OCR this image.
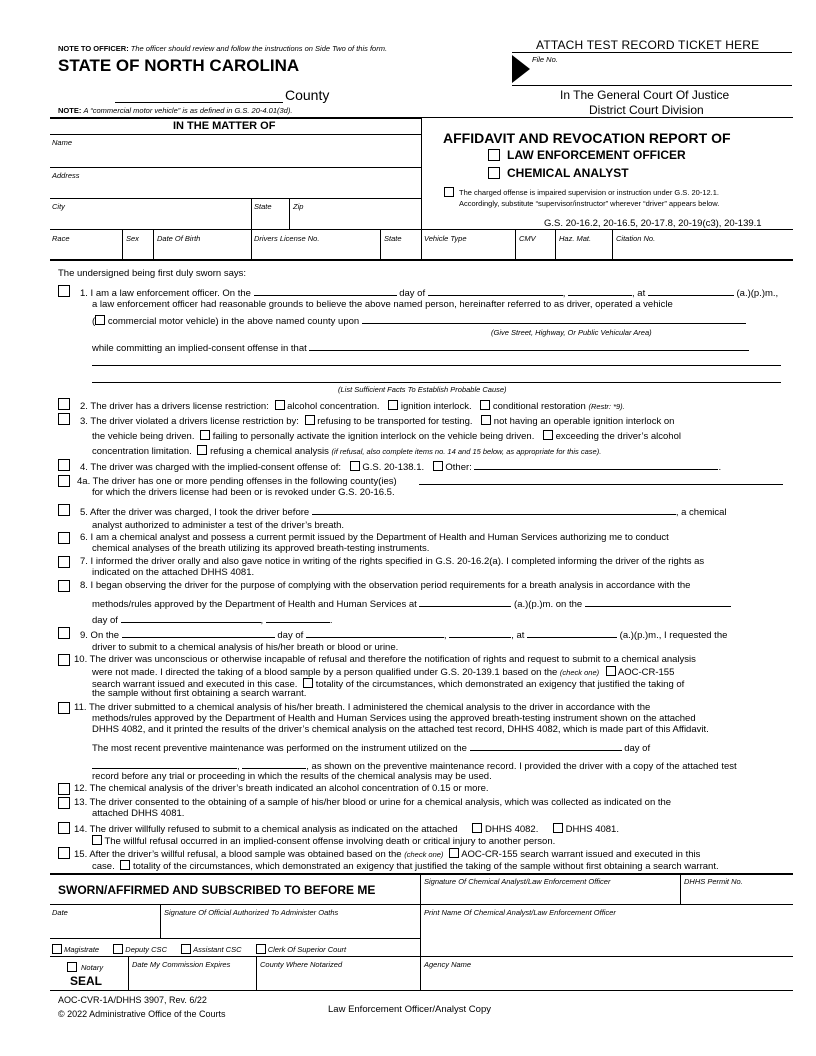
NOTE TO OFFICER: The officer should review and follow the instructions on Side Two of this form.
STATE OF NORTH CAROLINA
County
NOTE: A “commercial motor vehicle” is as defined in G.S. 20-4.01(3d).
ATTACH TEST RECORD TICKET HERE
File No.
In The General Court Of Justice
District Court Division
IN THE MATTER OF
Name
Address
City	State	Zip
Race	Sex Date Of Birth	Drivers License No.	State	Vehicle Type	CMV	Haz. Mat.	Citation No.
AFFIDAVIT AND REVOCATION REPORT OF
LAW ENFORCEMENT OFFICER
CHEMICAL ANALYST
The charged offense is impaired supervision or instruction under G.S. 20-12.1.
Accordingly, substitute “supervisor/instructor” wherever “driver” appears below.
G.S. 20-16.2, 20-16.5, 20-17.8, 20-19(c3), 20-139.1
The undersigned being first duly sworn says:
1. I am a law enforcement officer. On the	day of	,	, at	(a.)(p.)m.,
a law enforcement officer had reasonable grounds to believe the above named person, hereinafter referred to as driver, operated a vehicle
( commercial motor vehicle) in the above named county upon
(Give Street, Highway, Or Public Vehicular Area)
while committing an implied-consent offense in that
(List Sufficient Facts To Establish Probable Cause)
2. The driver has a drivers license restriction: alcohol concentration. ignition interlock. conditional restoration (Restr: *9).
3. The driver violated a drivers license restriction by: refusing to be transported for testing. not having an operable ignition interlock on
the vehicle being driven. failing to personally activate the ignition interlock on the vehicle being driven. exceeding the driver’s alcohol
concentration limitation. refusing a chemical analysis (if refusal, also complete items no. 14 and 15 below, as appropriate for this case).
4. The driver was charged with the implied-consent offense of: G.S. 20-138.1. Other:	.
4a. The driver has one or more pending offenses in the following county(ies)
for which the drivers license had been or is revoked under G.S. 20-16.5.
5. After the driver was charged, I took the driver before	, a chemical
analyst authorized to administer a test of the driver’s breath.
6. I am a chemical analyst and possess a current permit issued by the Department of Health and Human Services authorizing me to conduct
chemical analyses of the breath utilizing its approved breath-testing instruments.
7. I informed the driver orally and also gave notice in writing of the rights specified in G.S. 20-16.2(a). I completed informing the driver of the rights as
indicated on the attached DHHS 4081.
8. I began observing the driver for the purpose of complying with the observation period requirements for a breath analysis in accordance with the
methods/rules approved by the Department of Health and Human Services at	(a.)(p.)m. on the
day of	,	.
9. On the	day of	,	, at	(a.)(p.)m., I requested the
driver to submit to a chemical analysis of his/her breath or blood or urine.
10. The driver was unconscious or otherwise incapable of refusal and therefore the notification of rights and request to submit to a chemical analysis
were not made. I directed the taking of a blood sample by a person qualified under G.S. 20-139.1 based on the (check one) AOC-CR-155
search warrant issued and executed in this case. totality of the circumstances, which demonstrated an exigency that justified the taking of
the sample without first obtaining a search warrant.
11. The driver submitted to a chemical analysis of his/her breath. I administered the chemical analysis to the driver in accordance with the
methods/rules approved by the Department of Health and Human Services using the approved breath-testing instrument shown on the attached
DHHS 4082, and it printed the results of the driver’s chemical analysis on the attached test record, DHHS 4082, which is made part of this Affidavit.
The most recent preventive maintenance was performed on the instrument utilized on the	day of
,	, as shown on the preventive maintenance record. I provided the driver with a copy of the attached test
record before any trial or proceeding in which the results of the chemical analysis may be used.
12. The chemical analysis of the driver’s breath indicated an alcohol concentration of 0.15 or more.
13. The driver consented to the obtaining of a sample of his/her blood or urine for a chemical analysis, which was collected as indicated on the
attached DHHS 4081.
14. The driver willfully refused to submit to a chemical analysis as indicated on the attached	DHHS 4082.	DHHS 4081.
The willful refusal occurred in an implied-consent offense involving death or critical injury to another person.
15. After the driver’s willful refusal, a blood sample was obtained based on the (check one) AOC-CR-155 search warrant issued and executed in this
case. totality of the circumstances, which demonstrated an exigency that justified the taking of the sample without first obtaining a search warrant.
SWORN/AFFIRMED AND SUBSCRIBED TO BEFORE ME
Date	Signature Of Official Authorized To Administer Oaths
Magistrate	Deputy CSC	Assistant CSC	Clerk Of Superior Court
Notary
SEAL
Date My Commission Expires	County Where Notarized
Signature Of Chemical Analyst/Law Enforcement Officer	DHHS Permit No.
Print Name Of Chemical Analyst/Law Enforcement Officer
Agency Name
AOC-CVR-1A/DHHS 3907, Rev. 6/22
© 2022 Administrative Office of the Courts	Law Enforcement Officer/Analyst Copy
